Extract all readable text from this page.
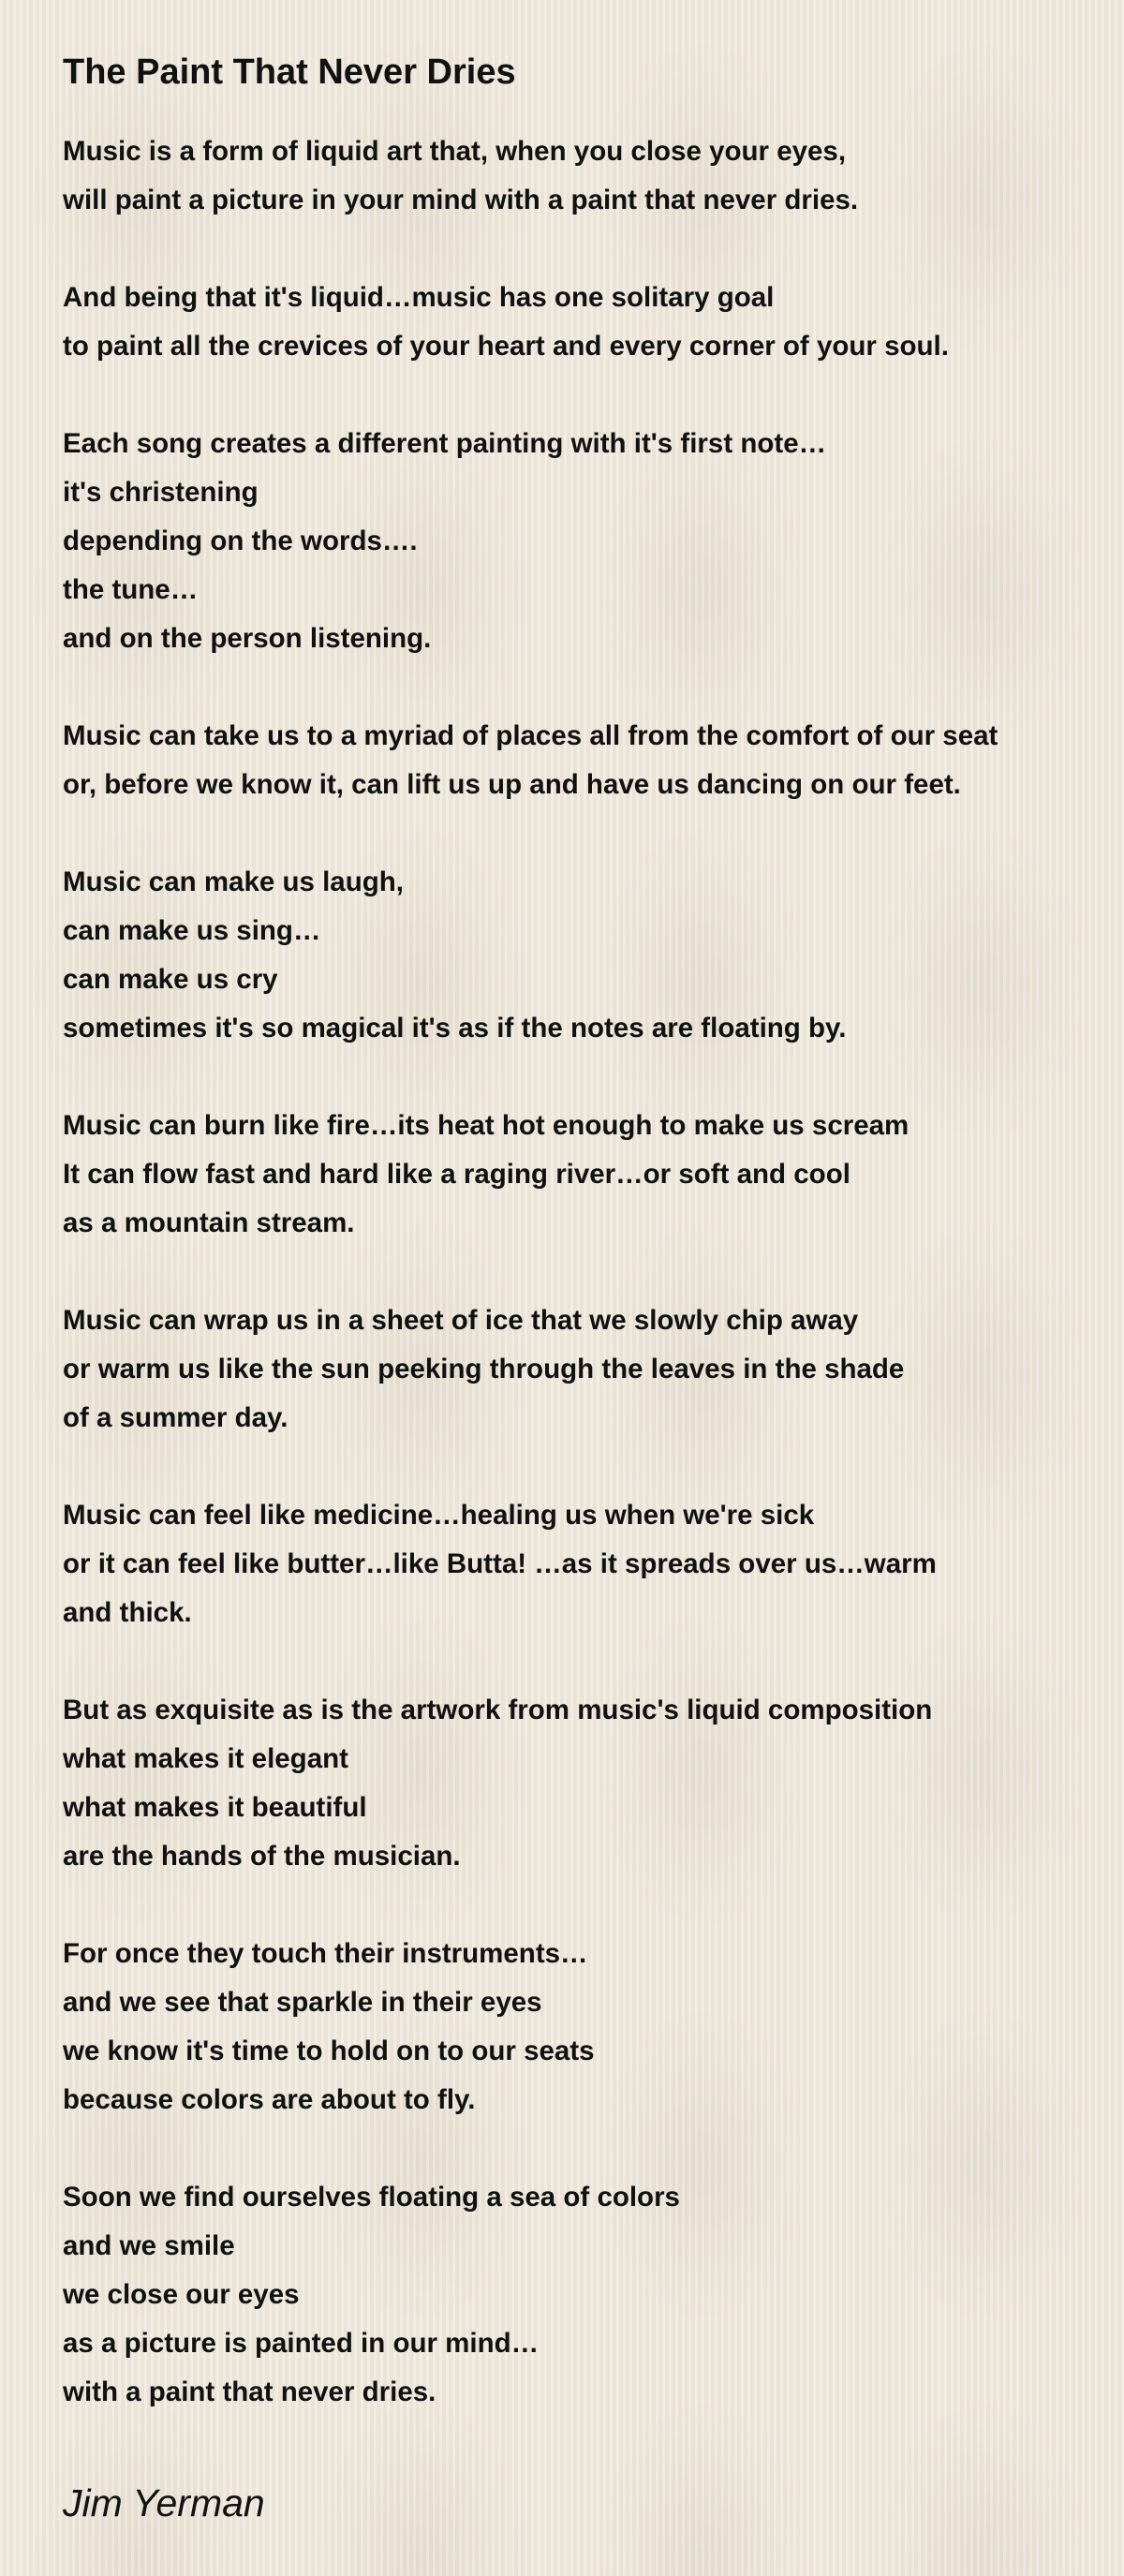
The Paint That Never Dries
Music is a form of liquid art that, when you close your eyes,
will paint a picture in your mind with a paint that never dries.
And being that it's liquid…music has one solitary goal
to paint all the crevices of your heart and every corner of your soul.
Each song creates a different painting with it's first note…
it's christening
depending on the words….
the tune…
and on the person listening.
Music can take us to a myriad of places all from the comfort of our seat
or, before we know it, can lift us up and have us dancing on our feet.
Music can make us laugh,
can make us sing…
can make us cry
sometimes it's so magical it's as if the notes are floating by.
Music can burn like fire…its heat hot enough to make us scream
It can flow fast and hard like a raging river…or soft and cool
as a mountain stream.
Music can wrap us in a sheet of ice that we slowly chip away
or warm us like the sun peeking through the leaves in the shade
of a summer day.
Music can feel like medicine…healing us when we're sick
or it can feel like butter…like Butta! …as it spreads over us…warm
and thick.
But as exquisite as is the artwork from music's liquid composition
what makes it elegant
what makes it beautiful
are the hands of the musician.
For once they touch their instruments…
and we see that sparkle in their eyes
we know it's time to hold on to our seats
because colors are about to fly.
Soon we find ourselves floating a sea of colors
and we smile
we close our eyes
as a picture is painted in our mind…
with a paint that never dries.
Jim Yerman
